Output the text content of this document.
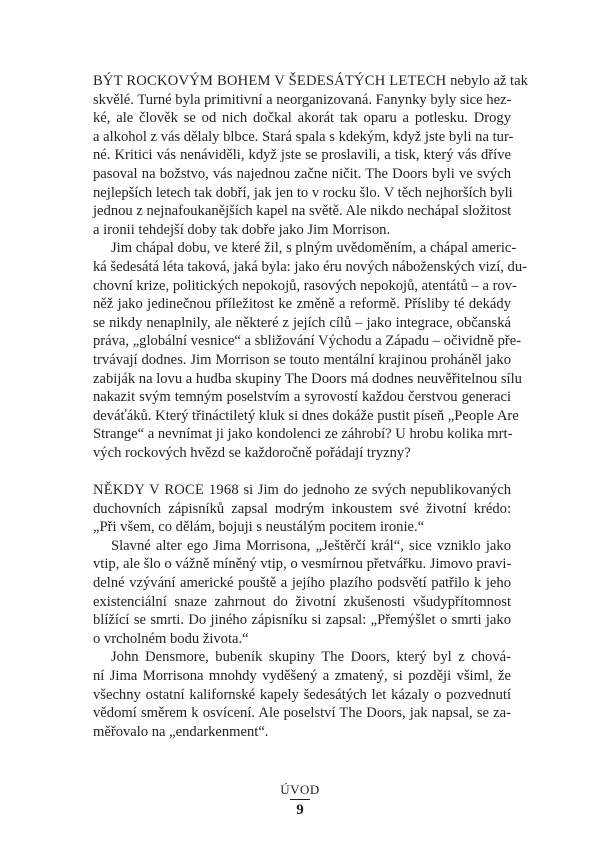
BÝT ROCKOVÝM BOHEM V ŠEDESÁTÝCH LETECH nebylo až tak
skvělé. Turné byla primitivní a neorganizovaná. Fanynky byly sice hez-
ké, ale člověk se od nich dočkal akorát tak oparu a potlesku. Drogy
a alkohol z vás dělaly blbce. Stará spala s kdekým, když jste byli na tur-
né. Kritici vás nenáviděli, když jste se proslavili, a tisk, který vás dříve
pasoval na božstvo, vás najednou začne ničit. The Doors byli ve svých
nejlepších letech tak dobří, jak jen to v rocku šlo. V těch nejhorších byli
jednou z nejnafoukanějších kapel na světě. Ale nikdo nechápal složitost
a ironii tehdejší doby tak dobře jako Jim Morrison.
Jim chápal dobu, ve které žil, s plným uvědoměním, a chápal americ-
ká šedesátá léta taková, jaká byla: jako éru nových náboženských vizí, du-
chovní krize, politických nepokojů, rasových nepokojů, atentátů – a rov-
něž jako jedinečnou příležitost ke změně a reformě. Přísliby té dekády
se nikdy nenaplnily, ale některé z jejích cílů – jako integrace, občanská
práva, „globální vesnice“ a sbližování Východu a Západu – očividně pře-
trvávají dodnes. Jim Morrison se touto mentální krajinou proháněl jako
zabiják na lovu a hudba skupiny The Doors má dodnes neuvěřitelnou sílu
nakazit svým temným poselstvím a syrovostí každou čerstvou generaci
deváťáků. Který třináctiletý kluk si dnes dokáže pustit píseň „People Are
Strange“ a nevnímat ji jako kondolenci ze záhrobí? U hrobu kolika mrt-
vých rockových hvězd se každoročně pořádají tryzny?
NĚKDY V ROCE 1968 si Jim do jednoho ze svých nepublikovaných
duchovních zápisníků zapsal modrým inkoustem své životní krédo:
„Při všem, co dělám, bojuji s neustálým pocitem ironie.“
Slavné alter ego Jima Morrisona, „Ještěrčí král“, sice vzniklo jako
vtip, ale šlo o vážně míněný vtip, o vesmírnou přetvářku. Jimovo pravi-
delné vzývání americké pouště a jejího plazího podsvětí patřilo k jeho
existenciální snaze zahrnout do životní zkušenosti všudypřítomnost
blížící se smrti. Do jiného zápisníku si zapsal: „Přemýšlet o smrti jako
o vrcholném bodu života.“
John Densmore, bubeník skupiny The Doors, který byl z chová-
ní Jima Morrisona mnohdy vyděšený a zmatený, si později všiml, že
všechny ostatní kalifornské kapely šedesátých let kázaly o pozvednutí
vědomí směrem k osvícení. Ale poselství The Doors, jak napsal, se za-
měřovalo na „endarkenment“.
ÚVOD
9
